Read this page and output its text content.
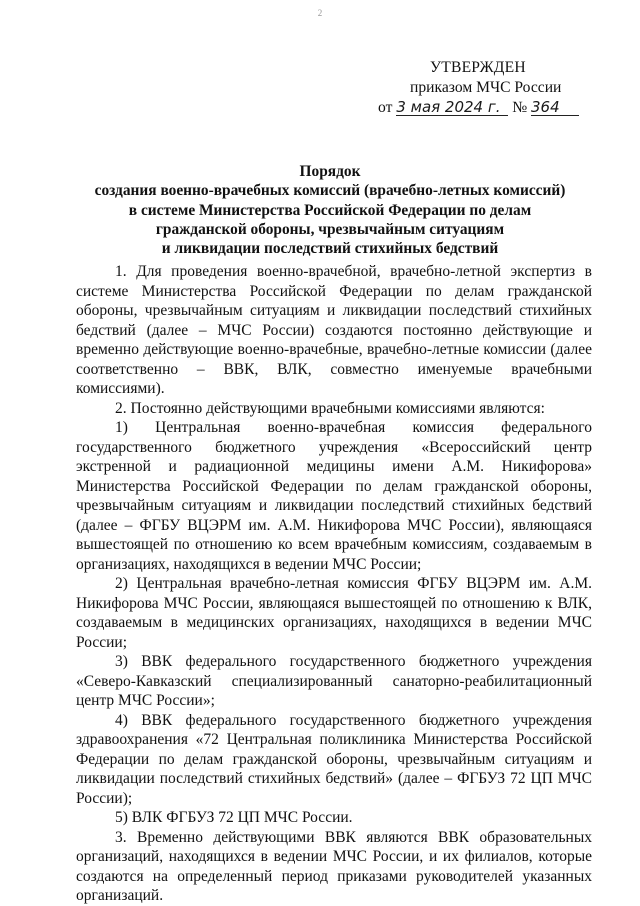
2
УТВЕРЖДЕН
приказом МЧС России
от 3 мая 2024 г. № 364
Порядок
создания военно-врачебных комиссий (врачебно-летных комиссий)
в системе Министерства Российской Федерации по делам
гражданской обороны, чрезвычайным ситуациям
и ликвидации последствий стихийных бедствий

1. Для проведения военно-врачебной, врачебно-летной экспертиз в системе Министерства Российской Федерации по делам гражданской обороны, чрезвычайным ситуациям и ликвидации последствий стихийных бедствий (далее – МЧС России) создаются постоянно действующие и временно действующие военно-врачебные, врачебно-летные комиссии (далее соответственно – ВВК, ВЛК, совместно именуемые врачебными комиссиями).

2. Постоянно действующими врачебными комиссиями являются:

1) Центральная военно-врачебная комиссия федерального государственного бюджетного учреждения «Всероссийский центр экстренной и радиационной медицины имени А.М. Никифорова» Министерства Российской Федерации по делам гражданской обороны, чрезвычайным ситуациям и ликвидации последствий стихийных бедствий (далее – ФГБУ ВЦЭРМ им. А.М. Никифорова МЧС России), являющаяся вышестоящей по отношению ко всем врачебным комиссиям, создаваемым в организациях, находящихся в ведении МЧС России;

2) Центральная врачебно-летная комиссия ФГБУ ВЦЭРМ им. А.М. Никифорова МЧС России, являющаяся вышестоящей по отношению к ВЛК, создаваемым в медицинских организациях, находящихся в ведении МЧС России;

3) ВВК федерального государственного бюджетного учреждения «Северо-Кавказский специализированный санаторно-реабилитационный центр МЧС России»;

4) ВВК федерального государственного бюджетного учреждения здравоохранения «72 Центральная поликлиника Министерства Российской Федерации по делам гражданской обороны, чрезвычайным ситуациям и ликвидации последствий стихийных бедствий» (далее – ФГБУЗ 72 ЦП МЧС России);

5) ВЛК ФГБУЗ 72 ЦП МЧС России.

3. Временно действующими ВВК являются ВВК образовательных организаций, находящихся в ведении МЧС России, и их филиалов, которые создаются на определенный период приказами руководителей указанных организаций.
